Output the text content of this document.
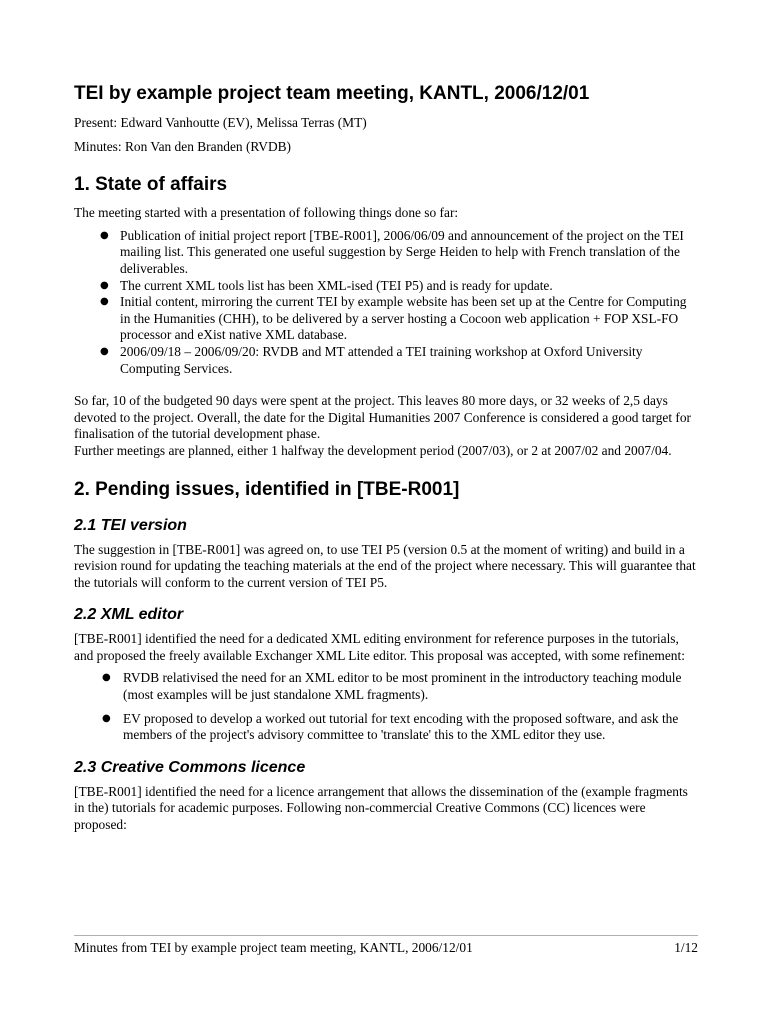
TEI by example project team meeting, KANTL, 2006/12/01

Present: Edward Vanhoutte (EV), Melissa Terras (MT)

Minutes: Ron Van den Branden (RVDB)

1. State of affairs

The meeting started with a presentation of following things done so far:

● Publication of initial project report [TBE-R001], 2006/06/09 and announcement of the project on the TEI mailing list. This generated one useful suggestion by Serge Heiden to help with French translation of the deliverables.
● The current XML tools list has been XML-ised (TEI P5) and is ready for update.
● Initial content, mirroring the current TEI by example website has been set up at the Centre for Computing in the Humanities (CHH), to be delivered by a server hosting a Cocoon web application + FOP XSL-FO processor and eXist native XML database.
● 2006/09/18 – 2006/09/20: RVDB and MT attended a TEI training workshop at Oxford University Computing Services.

So far, 10 of the budgeted 90 days were spent at the project. This leaves 80 more days, or 32 weeks of 2,5 days devoted to the project. Overall, the date for the Digital Humanities 2007 Conference is considered a good target for finalisation of the tutorial development phase.

Further meetings are planned, either 1 halfway the development period (2007/03), or 2 at 2007/02 and 2007/04.

2. Pending issues, identified in [TBE-R001]
2.1 TEI version

The suggestion in [TBE-R001] was agreed on, to use TEI P5 (version 0.5 at the moment of writing) and build in a revision round for updating the teaching materials at the end of the project where necessary. This will guarantee that the tutorials will conform to the current version of TEI P5.

2.2 XML editor

[TBE-R001] identified the need for a dedicated XML editing environment for reference purposes in the tutorials, and proposed the freely available Exchanger XML Lite editor. This proposal was accepted, with some refinement:

● RVDB relativised the need for an XML editor to be most prominent in the introductory teaching module (most examples will be just standalone XML fragments).
● EV proposed to develop a worked out tutorial for text encoding with the proposed software, and ask the members of the project's advisory committee to 'translate' this to the XML editor they use.
2.3 Creative Commons licence

[TBE-R001] identified the need for a licence arrangement that allows the dissemination of the (example fragments in the) tutorials for academic purposes. Following non-commercial Creative Commons (CC) licences were proposed:

Minutes from TEI by example project team meeting, KANTL, 2006/12/01	1/12
